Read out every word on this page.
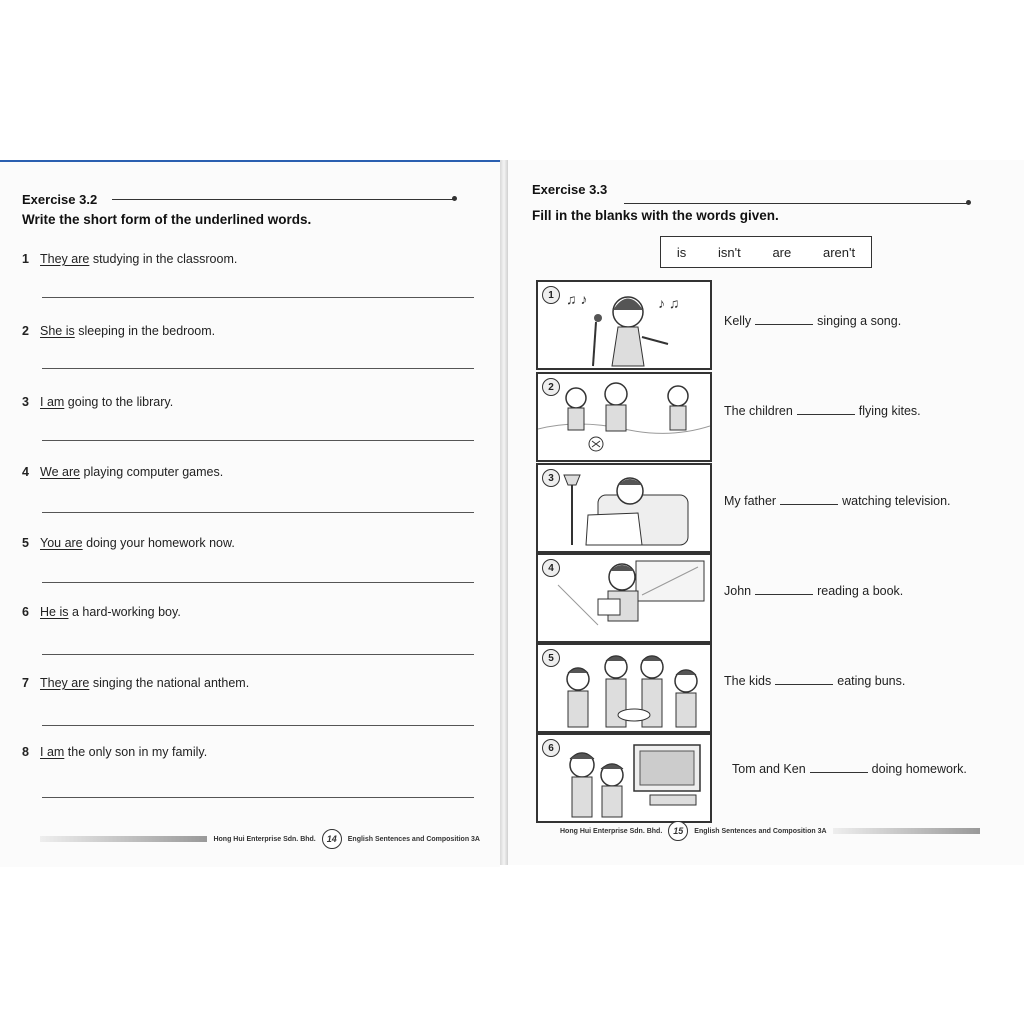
Exercise 3.2
Write the short form of the underlined words.
1 They are studying in the classroom.
2 She is sleeping in the bedroom.
3 I am going to the library.
4 We are playing computer games.
5 You are doing your homework now.
6 He is a hard-working boy.
7 They are singing the national anthem.
8 I am the only son in my family.
Hong Hui Enterprise Sdn. Bhd.	14	English Sentences and Composition 3A
Exercise 3.3
Fill in the blanks with the words given.
is isn't are aren't
♫ ♪	♪ ♫
1
Kelly	singing a song.
2
The children	flying kites.
3
My father	watching television.
4
John	reading a book.
5
The kids	eating buns.
6
Tom and Ken	doing homework.
Hong Hui Enterprise Sdn. Bhd.	15	English Sentences and Composition 3A
